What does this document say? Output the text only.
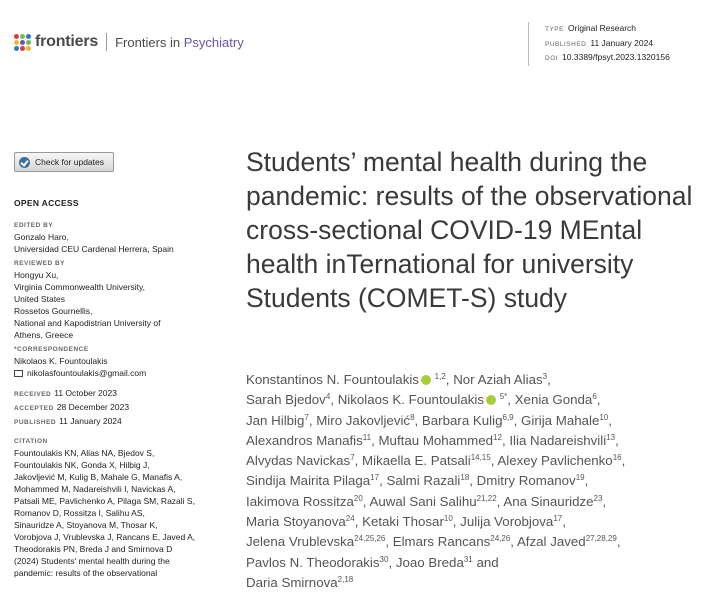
frontiers Frontiers in Psychiatry
TYPE Original Research
PUBLISHED 11 January 2024
DOI 10.3389/fpsyt.2023.1320156
Check for updates
OPEN ACCESS
EDITED BY
Gonzalo Haro,
Universidad CEU Cardenal Herrera, Spain
REVIEWED BY
Hongyu Xu,
Virginia Commonwealth University,
United States
Rossetos Gournellis,
National and Kapodistrian University of
Athens, Greece
*CORRESPONDENCE
Nikolaos K. Fountoulakis
nikolasfountoulakis@gmail.com
RECEIVED 11 October 2023
ACCEPTED 28 December 2023
PUBLISHED 11 January 2024
CITATION
Fountoulakis KN, Alias NA, Bjedov S,
Fountoulakis NK, Gonda X, Hilbig J,
Jakovljević M, Kulig B, Mahale G, Manafis A,
Mohammed M, Nadareishvili I, Navickas A,
Patsali ME, Pavlichenko A, Pilaga SM, Razali S,
Romanov D, Rossitza I, Salihu AS,
Sinauridze A, Stoyanova M, Thosar K,
Vorobjova J, Vrublevska J, Rancans E, Javed A,
Theodorakis PN, Breda J and Smirnova D
(2024) Students' mental health during the
pandemic: results of the observational
Students’ mental health during the pandemic: results of the observational cross-sectional COVID-19 MEntal health inTernational for university Students (COMET-S) study
Konstantinos N. Fountoulakis $^{1,2}$, Nor Aziah Alias$^3$,
Sarah Bjedov$^4$, Nikolaos K. Fountoulakis $^{5*}$, Xenia Gonda$^6$,
Jan Hilbig$^7$, Miro Jakovljević$^8$, Barbara Kulig$^{6,9}$, Girija Mahale$^{10}$,
Alexandros Manafis$^{11}$, Muftau Mohammed$^{12}$, Ilia Nadareishvili$^{13}$,
Alvydas Navickas$^7$, Mikaella E. Patsali$^{14,15}$, Alexey Pavlichenko$^{16}$,
Sindija Mairita Pilaga$^{17}$, Salmi Razali$^{18}$, Dmitry Romanov$^{19}$,
Iakimova Rossitza$^{20}$, Auwal Sani Salihu$^{21,22}$, Ana Sinauridze$^{23}$,
Maria Stoyanova$^{24}$, Ketaki Thosar$^{10}$, Julija Vorobjova$^{17}$,
Jelena Vrublevska$^{24,25,26}$, Elmars Rancans$^{24,26}$, Afzal Javed$^{27,28,29}$,
Pavlos N. Theodorakis$^{30}$, Joao Breda$^{31}$ and
Daria Smirnova$^{2,18}$
